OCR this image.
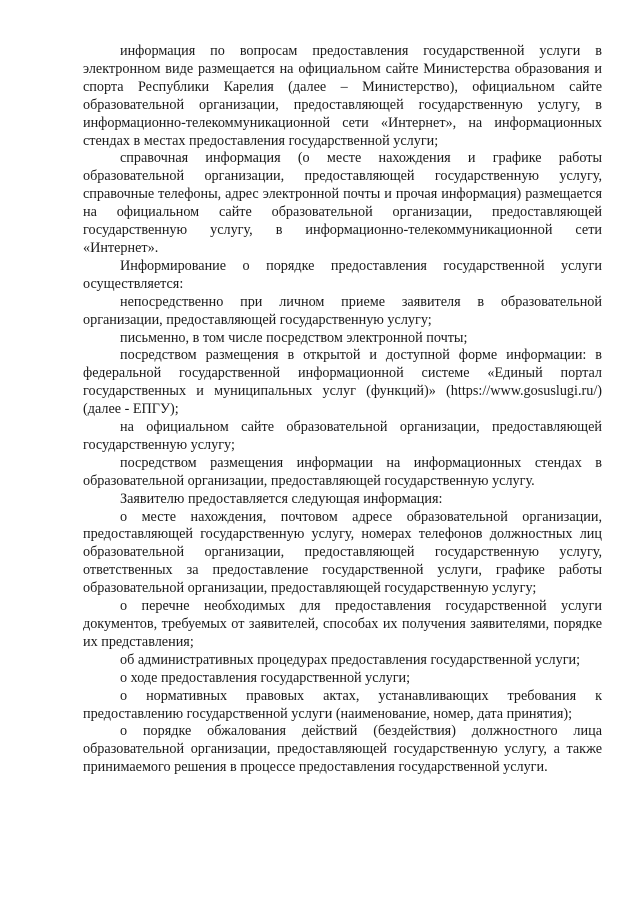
информация по вопросам предоставления государственной услуги в электронном виде размещается на официальном сайте Министерства образования и спорта Республики Карелия (далее – Министерство), официальном сайте образовательной организации, предоставляющей государственную услугу, в информационно-телекоммуникационной сети «Интернет», на информационных стендах в местах предоставления государственной услуги;

справочная информация (о месте нахождения и графике работы образовательной организации, предоставляющей государственную услугу, справочные телефоны, адрес электронной почты и прочая информация) размещается на официальном сайте образовательной организации, предоставляющей государственную услугу, в информационно-телекоммуникационной сети «Интернет».

Информирование о порядке предоставления государственной услуги осуществляется:

непосредственно при личном приеме заявителя в образовательной организации, предоставляющей государственную услугу;

письменно, в том числе посредством электронной почты;

посредством размещения в открытой и доступной форме информации: в федеральной государственной информационной системе «Единый портал государственных и муниципальных услуг (функций)» (https://www.gosuslugi.ru/) (далее - ЕПГУ);

на официальном сайте образовательной организации, предоставляющей государственную услугу;

посредством размещения информации на информационных стендах в образовательной организации, предоставляющей государственную услугу.

Заявителю предоставляется следующая информация:

о месте нахождения, почтовом адресе образовательной организации, предоставляющей государственную услугу, номерах телефонов должностных лиц образовательной организации, предоставляющей государственную услугу, ответственных за предоставление государственной услуги, графике работы образовательной организации, предоставляющей государственную услугу;

о перечне необходимых для предоставления государственной услуги документов, требуемых от заявителей, способах их получения заявителями, порядке их представления;

об административных процедурах предоставления государственной услуги;

о ходе предоставления государственной услуги;

о нормативных правовых актах, устанавливающих требования к предоставлению государственной услуги (наименование, номер, дата принятия);

о порядке обжалования действий (бездействия) должностного лица образовательной организации, предоставляющей государственную услугу, а также принимаемого решения в процессе предоставления государственной услуги.
